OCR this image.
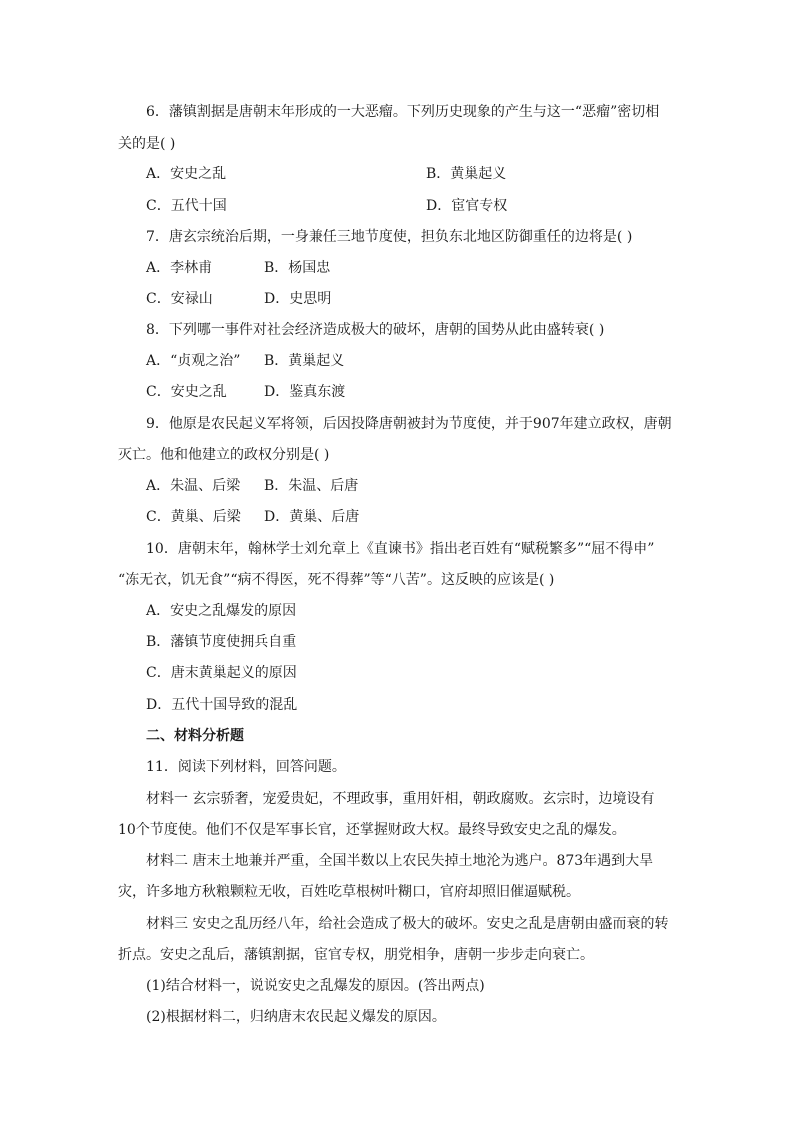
6．藩镇割据是唐朝末年形成的一大恶瘤。下列历史现象的产生与这一“恶瘤”密切相
关的是( )
A．安史之乱	B．黄巢起义
C．五代十国	D．宦官专权
7．唐玄宗统治后期，一身兼任三地节度使，担负东北地区防御重任的边将是( )
A．李林甫	B．杨国忠
C．安禄山	D．史思明
8．下列哪一事件对社会经济造成极大的破坏，唐朝的国势从此由盛转衰( )
A．“贞观之治” B．黄巢起义
C．安史之乱	D．鉴真东渡
9．他原是农民起义军将领，后因投降唐朝被封为节度使，并于907年建立政权，唐朝
灭亡。他和他建立的政权分别是( )
A．朱温、后梁 B．朱温、后唐
C．黄巢、后梁 D．黄巢、后唐
10．唐朝末年，翰林学士刘允章上《直谏书》指出老百姓有“赋税繁多”“屈不得申”
“冻无衣，饥无食”“病不得医，死不得葬”等“八苦”。这反映的应该是( )
A．安史之乱爆发的原因
B．藩镇节度使拥兵自重
C．唐末黄巢起义的原因
D．五代十国导致的混乱
二、材料分析题
11．阅读下列材料，回答问题。
材料一 玄宗骄奢，宠爱贵妃，不理政事，重用奸相，朝政腐败。玄宗时，边境设有
10个节度使。他们不仅是军事长官，还掌握财政大权。最终导致安史之乱的爆发。
材料二 唐末土地兼并严重，全国半数以上农民失掉土地沦为逃户。873年遇到大旱
灾，许多地方秋粮颗粒无收，百姓吃草根树叶糊口，官府却照旧催逼赋税。
材料三 安史之乱历经八年，给社会造成了极大的破坏。安史之乱是唐朝由盛而衰的转
折点。安史之乱后，藩镇割据，宦官专权，朋党相争，唐朝一步步走向衰亡。
(1)结合材料一，说说安史之乱爆发的原因。(答出两点)
(2)根据材料二，归纳唐末农民起义爆发的原因。
